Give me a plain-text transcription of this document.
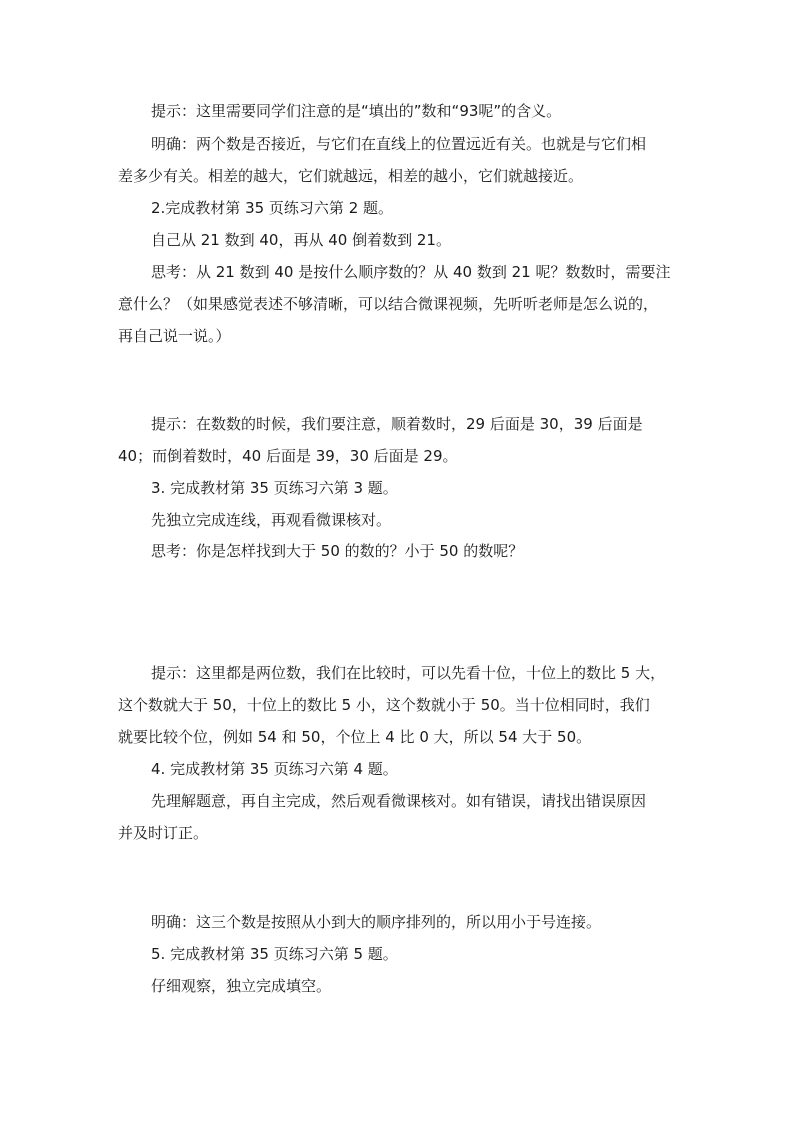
提示：这里需要同学们注意的是“填出的”数和“93呢”的含义。
明确：两个数是否接近，与它们在直线上的位置远近有关。也就是与它们相
差多少有关。相差的越大，它们就越远，相差的越小，它们就越接近。
2.完成教材第 35 页练习六第 2 题。
自己从 21 数到 40，再从 40 倒着数到 21。
思考：从 21 数到 40 是按什么顺序数的？从 40 数到 21 呢？数数时，需要注
意什么？（如果感觉表述不够清晰，可以结合微课视频，先听听老师是怎么说的，
再自己说一说。）
提示：在数数的时候，我们要注意，顺着数时，29 后面是 30，39 后面是
40；而倒着数时，40 后面是 39，30 后面是 29。
3. 完成教材第 35 页练习六第 3 题。
先独立完成连线，再观看微课核对。
思考：你是怎样找到大于 50 的数的？小于 50 的数呢？
提示：这里都是两位数，我们在比较时，可以先看十位，十位上的数比 5 大，
这个数就大于 50，十位上的数比 5 小，这个数就小于 50。当十位相同时，我们
就要比较个位，例如 54 和 50，个位上 4 比 0 大，所以 54 大于 50。
4. 完成教材第 35 页练习六第 4 题。
先理解题意，再自主完成，然后观看微课核对。如有错误，请找出错误原因
并及时订正。
明确：这三个数是按照从小到大的顺序排列的，所以用小于号连接。
5. 完成教材第 35 页练习六第 5 题。
仔细观察，独立完成填空。
